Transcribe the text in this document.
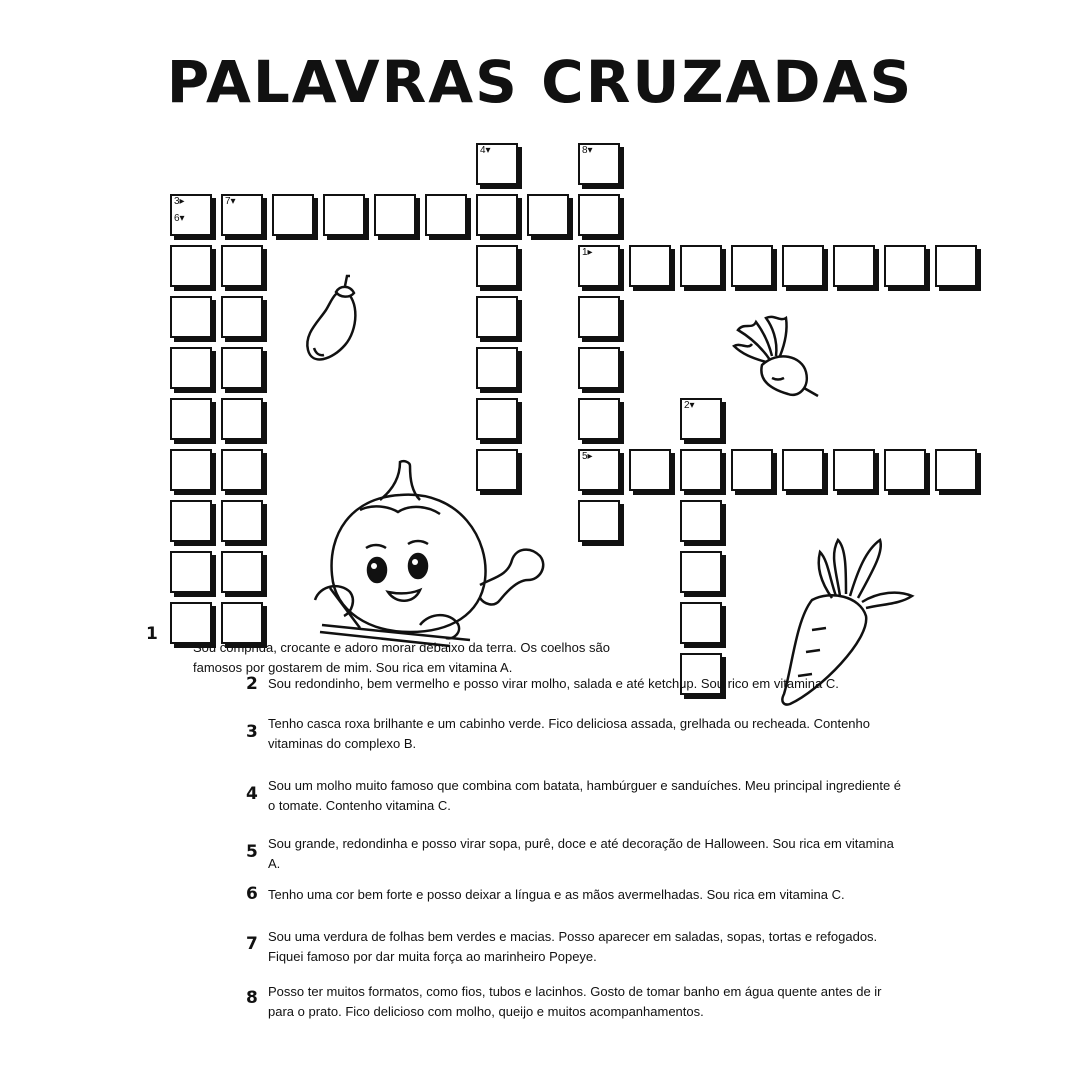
PALAVRAS CRUZADAS
3▸
6▾
7▾
4▾	8▾
1▸
5▸
2▾
1
Sou comprida, crocante e adoro morar debaixo da terra. Os coelhos são famosos por gostarem de mim. Sou rica em vitamina A.
2 Sou redondinho, bem vermelho e posso virar molho, salada e até ketchup. Sou rico em vitamina C.
3 Tenho casca roxa brilhante e um cabinho verde. Fico deliciosa assada, grelhada ou recheada. Contenho vitaminas do complexo B.
4 Sou um molho muito famoso que combina com batata, hambúrguer e sanduíches. Meu principal ingrediente é o tomate. Contenho vitamina C.
5 Sou grande, redondinha e posso virar sopa, purê, doce e até decoração de Halloween. Sou rica em vitamina A.
6 Tenho uma cor bem forte e posso deixar a língua e as mãos avermelhadas. Sou rica em vitamina C.
7 Sou uma verdura de folhas bem verdes e macias. Posso aparecer em saladas, sopas, tortas e refogados. Fiquei famoso por dar muita força ao marinheiro Popeye.
8 Posso ter muitos formatos, como fios, tubos e lacinhos. Gosto de tomar banho em água quente antes de ir para o prato. Fico delicioso com molho, queijo e muitos acompanhamentos.
